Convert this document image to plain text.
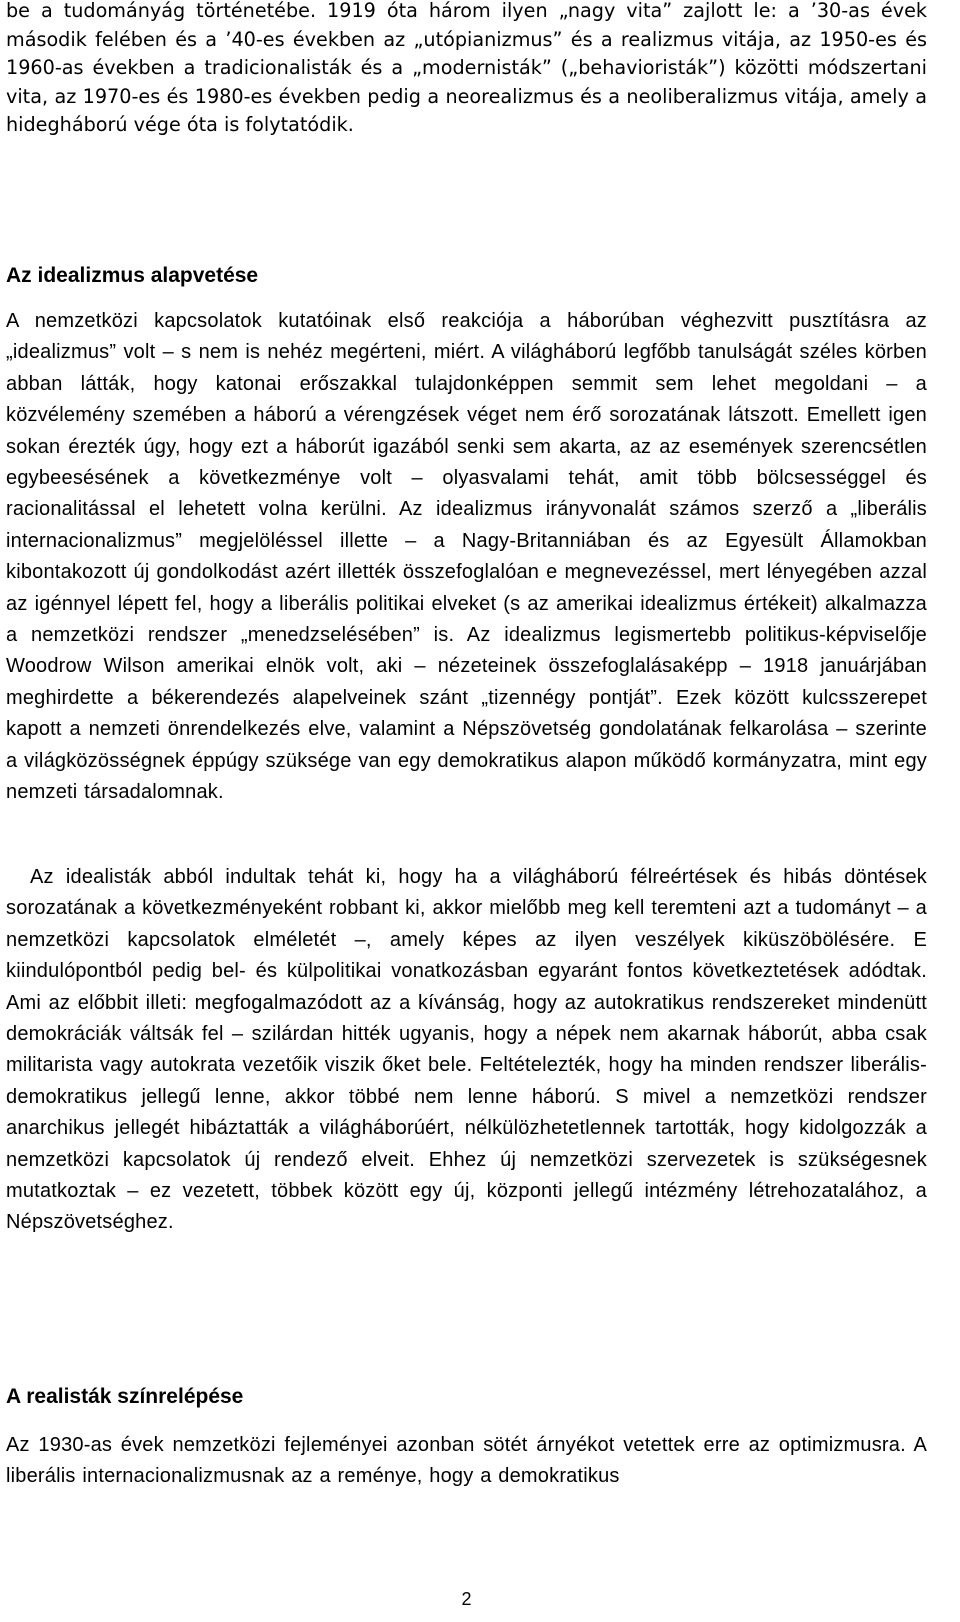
be a tudományág történetébe. 1919 óta három ilyen „nagy vita” zajlott le: a ’30-as évek második felében és a ’40-es években az „utópianizmus” és a realizmus vitája, az 1950-es és 1960-as években a tradicionalisták és a „modernisták” („behavioristák”) közötti módszertani vita, az 1970-es és 1980-es években pedig a neorealizmus és a neoliberalizmus vitája, amely a hidegháború vége óta is folytatódik.

Az idealizmus alapvetése

A nemzetközi kapcsolatok kutatóinak első reakciója a háborúban véghezvitt pusztításra az „idealizmus” volt – s nem is nehéz megérteni, miért. A világháború legfőbb tanulságát széles körben abban látták, hogy katonai erőszakkal tulajdonképpen semmit sem lehet megoldani – a közvélemény szemében a háború a vérengzések véget nem érő sorozatának látszott. Emellett igen sokan érezték úgy, hogy ezt a háborút igazából senki sem akarta, az az események szerencsétlen egybeesésének a következménye volt – olyasvalami tehát, amit több bölcsességgel és racionalitással el lehetett volna kerülni. Az idealizmus irányvonalát számos szerző a „liberális internacionalizmus” megjelöléssel illette – a Nagy-Britanniában és az Egyesült Államokban kibontakozott új gondolkodást azért illették összefoglalóan e megnevezéssel, mert lényegében azzal az igénnyel lépett fel, hogy a liberális politikai elveket (s az amerikai idealizmus értékeit) alkalmazza a nemzetközi rendszer „menedzselésében” is. Az idealizmus legismertebb politikus-képviselője Woodrow Wilson amerikai elnök volt, aki – nézeteinek összefoglalásaképp – 1918 januárjában meghirdette a békerendezés alapelveinek szánt „tizennégy pontját”. Ezek között kulcsszerepet kapott a nemzeti önrendelkezés elve, valamint a Népszövetség gondolatának felkarolása – szerinte a világközösségnek éppúgy szüksége van egy demokratikus alapon működő kormányzatra, mint egy nemzeti társadalomnak.

Az idealisták abból indultak tehát ki, hogy ha a világháború félreértések és hibás döntések sorozatának a következményeként robbant ki, akkor mielőbb meg kell teremteni azt a tudományt – a nemzetközi kapcsolatok elméletét –, amely képes az ilyen veszélyek kiküszöbölésére. E kiindulópontból pedig bel- és külpolitikai vonatkozásban egyaránt fontos következtetések adódtak. Ami az előbbit illeti: megfogalmazódott az a kívánság, hogy az autokratikus rendszereket mindenütt demokráciák váltsák fel – szilárdan hitték ugyanis, hogy a népek nem akarnak háborút, abba csak militarista vagy autokrata vezetőik viszik őket bele. Feltételezték, hogy ha minden rendszer liberális-demokratikus jellegű lenne, akkor többé nem lenne háború. S mivel a nemzetközi rendszer anarchikus jellegét hibáztatták a világháborúért, nélkülözhetetlennek tartották, hogy kidolgozzák a nemzetközi kapcsolatok új rendező elveit. Ehhez új nemzetközi szervezetek is szükségesnek mutatkoztak – ez vezetett, többek között egy új, központi jellegű intézmény létrehozatalához, a Népszövetséghez.

A realisták színrelépése

Az 1930-as évek nemzetközi fejleményei azonban sötét árnyékot vetettek erre az optimizmusra. A liberális internacionalizmusnak az a reménye, hogy a demokratikus

2
